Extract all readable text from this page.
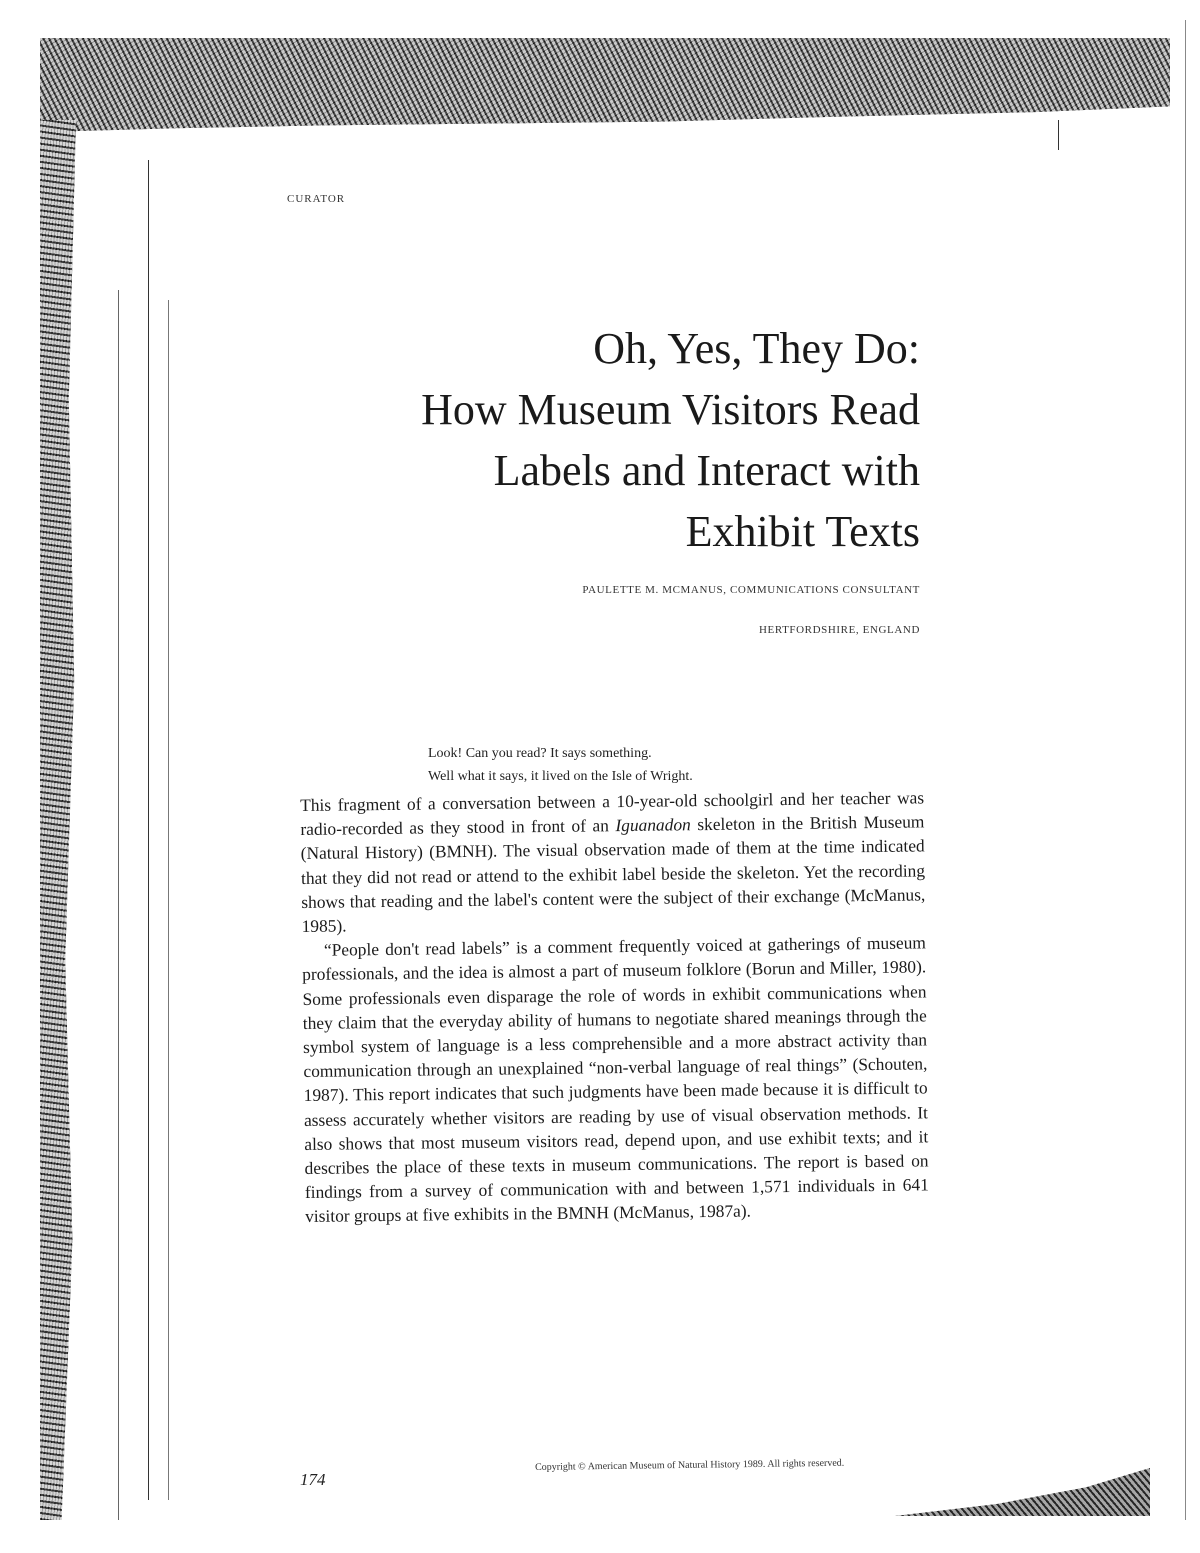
CURATOR
Oh, Yes, They Do:
How Museum Visitors Read
Labels and Interact with
Exhibit Texts
PAULETTE M. MCMANUS, COMMUNICATIONS CONSULTANT
HERTFORDSHIRE, ENGLAND
Look! Can you read? It says something.
Well what it says, it lived on the Isle of Wright.

This fragment of a conversation between a 10-year-old schoolgirl and her teacher was radio-recorded as they stood in front of an Iguanadon skeleton in the British Museum (Natural History) (BMNH). The visual observation made of them at the time indicated that they did not read or attend to the exhibit label beside the skeleton. Yet the recording shows that reading and the label's content were the subject of their exchange (McManus, 1985).

“People don't read labels” is a comment frequently voiced at gatherings of museum professionals, and the idea is almost a part of museum folklore (Borun and Miller, 1980). Some professionals even disparage the role of words in exhibit communications when they claim that the everyday ability of humans to negotiate shared meanings through the symbol system of language is a less comprehensible and a more abstract activity than communication through an unexplained “non-verbal language of real things” (Schouten, 1987). This report indicates that such judgments have been made because it is difficult to assess accurately whether visitors are reading by use of visual observation methods. It also shows that most museum visitors read, depend upon, and use exhibit texts; and it describes the place of these texts in museum communications. The report is based on findings from a survey of communication with and between 1,571 individuals in 641 visitor groups at five exhibits in the BMNH (McManus, 1987a).

174
Copyright © American Museum of Natural History 1989. All rights reserved.
